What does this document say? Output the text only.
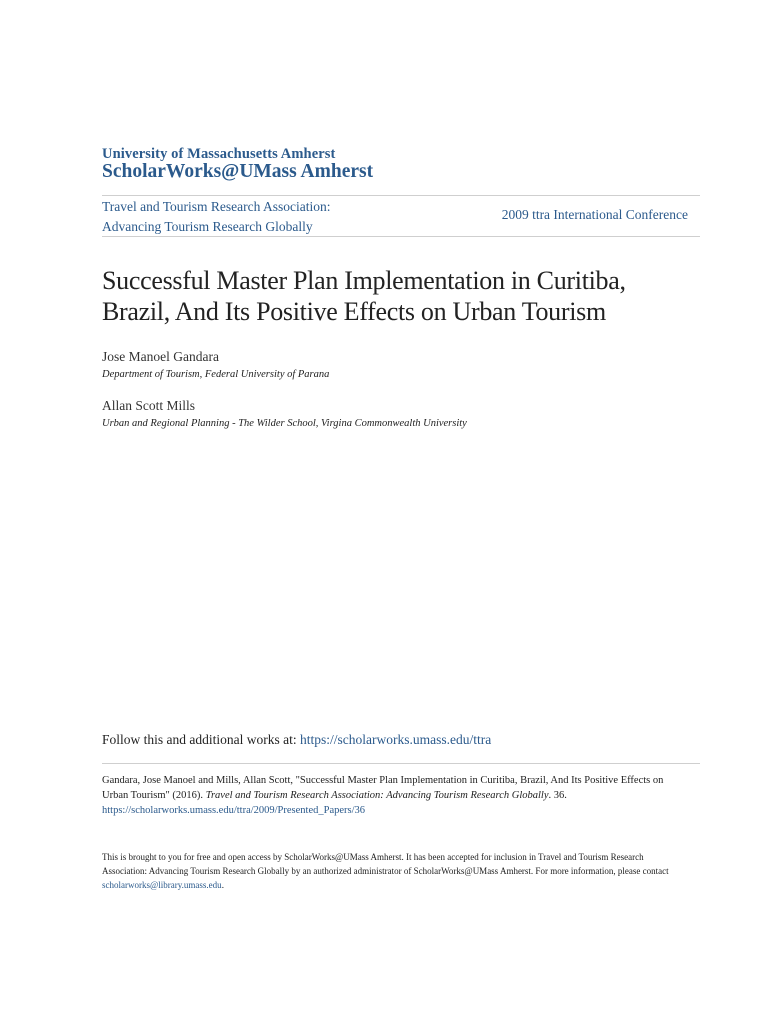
University of Massachusetts Amherst
ScholarWorks@UMass Amherst
Travel and Tourism Research Association:
Advancing Tourism Research Globally
2009 ttra International Conference
Successful Master Plan Implementation in Curitiba,
Brazil, And Its Positive Effects on Urban Tourism
Jose Manoel Gandara
Department of Tourism, Federal University of Parana
Allan Scott Mills
Urban and Regional Planning - The Wilder School, Virgina Commonwealth University
Follow this and additional works at: https://scholarworks.umass.edu/ttra
Gandara, Jose Manoel and Mills, Allan Scott, "Successful Master Plan Implementation in Curitiba, Brazil, And Its Positive Effects on Urban Tourism" (2016). Travel and Tourism Research Association: Advancing Tourism Research Globally. 36.
https://scholarworks.umass.edu/ttra/2009/Presented_Papers/36
This is brought to you for free and open access by ScholarWorks@UMass Amherst. It has been accepted for inclusion in Travel and Tourism Research Association: Advancing Tourism Research Globally by an authorized administrator of ScholarWorks@UMass Amherst. For more information, please contact scholarworks@library.umass.edu.
